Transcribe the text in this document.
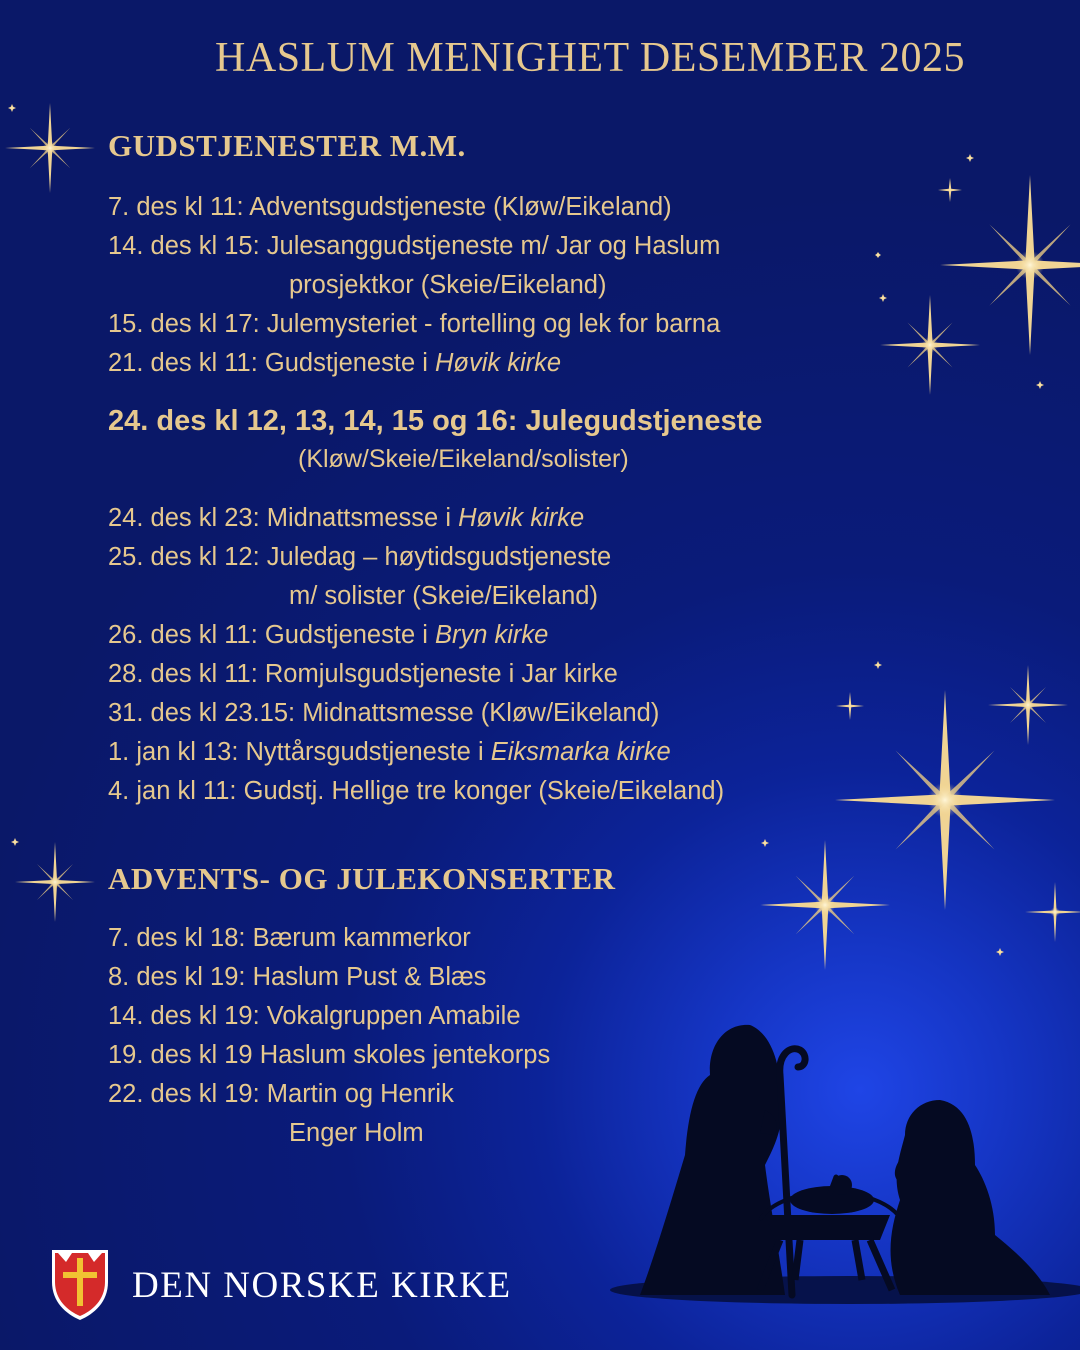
HASLUM MENIGHET DESEMBER 2025
GUDSTJENESTER M.M.
7. des kl 11: Adventsgudstjeneste (Kløw/Eikeland)
14. des kl 15: Julesanggudstjeneste m/ Jar og Haslum
prosjektkor (Skeie/Eikeland)
15. des kl 17: Julemysteriet - fortelling og lek for barna
21. des kl 11: Gudstjeneste i Høvik kirke
24. des kl 12, 13, 14, 15 og 16: Julegudstjeneste
(Kløw/Skeie/Eikeland/solister)
24. des kl 23: Midnattsmesse i Høvik kirke
25. des kl 12: Juledag – høytidsgudstjeneste
m/ solister (Skeie/Eikeland)
26. des kl 11: Gudstjeneste i Bryn kirke
28. des kl 11: Romjulsgudstjeneste i Jar kirke
31. des kl 23.15: Midnattsmesse (Kløw/Eikeland)
1. jan kl 13: Nyttårsgudstjeneste i Eiksmarka kirke
4. jan kl 11: Gudstj. Hellige tre konger (Skeie/Eikeland)
ADVENTS- OG JULEKONSERTER
7. des kl 18: Bærum kammerkor
8. des kl 19: Haslum Pust & Blæs
14. des kl 19: Vokalgruppen Amabile
19. des kl 19 Haslum skoles jentekorps
22. des kl 19: Martin og Henrik
Enger Holm
DEN NORSKE KIRKE
